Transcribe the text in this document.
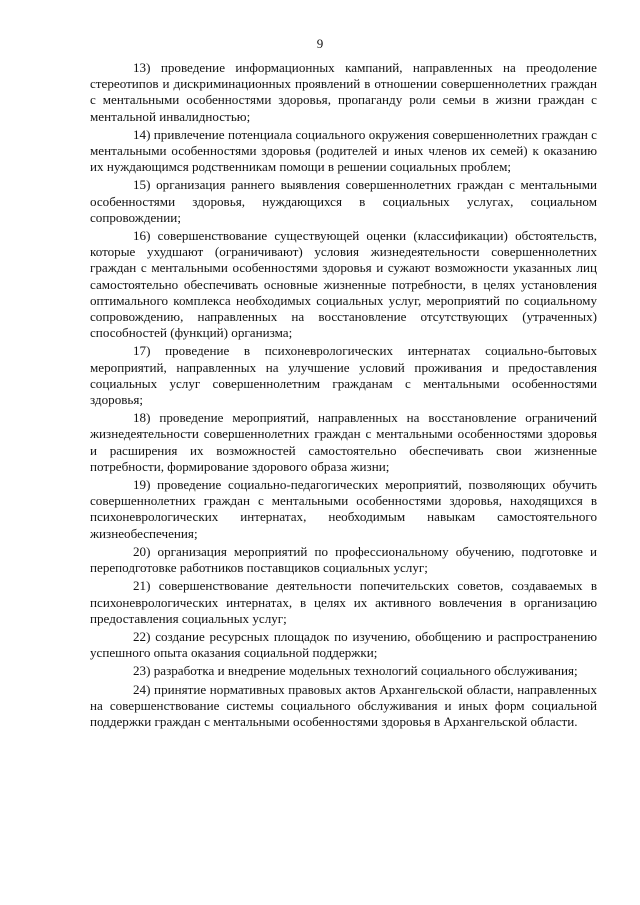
9

13) проведение информационных кампаний, направленных на преодоление стереотипов и дискриминационных проявлений в отношении совершеннолетних граждан с ментальными особенностями здоровья, пропаганду роли семьи в жизни граждан с ментальной инвалидностью;

14) привлечение потенциала социального окружения совершеннолетних граждан с ментальными особенностями здоровья (родителей и иных членов их семей) к оказанию их нуждающимся родственникам помощи в решении социальных проблем;

15) организация раннего выявления совершеннолетних граждан с ментальными особенностями здоровья, нуждающихся в социальных услугах, социальном сопровождении;

16) совершенствование существующей оценки (классификации) обстоятельств, которые ухудшают (ограничивают) условия жизнедеятельности совершеннолетних граждан с ментальными особенностями здоровья и сужают возможности указанных лиц самостоятельно обеспечивать основные жизненные потребности, в целях установления оптимального комплекса необходимых социальных услуг, мероприятий по социальному сопровождению, направленных на восстановление отсутствующих (утраченных) способностей (функций) организма;

17) проведение в психоневрологических интернатах социально-бытовых мероприятий, направленных на улучшение условий проживания и предоставления социальных услуг совершеннолетним гражданам с ментальными особенностями здоровья;

18) проведение мероприятий, направленных на восстановление ограничений жизнедеятельности совершеннолетних граждан с ментальными особенностями здоровья и расширения их возможностей самостоятельно обеспечивать свои жизненные потребности, формирование здорового образа жизни;

19) проведение социально-педагогических мероприятий, позволяющих обучить совершеннолетних граждан с ментальными особенностями здоровья, находящихся в психоневрологических интернатах, необходимым навыкам самостоятельного жизнеобеспечения;

20) организация мероприятий по профессиональному обучению, подготовке и переподготовке работников поставщиков социальных услуг;

21) совершенствование деятельности попечительских советов, создаваемых в психоневрологических интернатах, в целях их активного вовлечения в организацию предоставления социальных услуг;

22) создание ресурсных площадок по изучению, обобщению и распространению успешного опыта оказания социальной поддержки;

23) разработка и внедрение модельных технологий социального обслуживания;

24) принятие нормативных правовых актов Архангельской области, направленных на совершенствование системы социального обслуживания и иных форм социальной поддержки граждан с ментальными особенностями здоровья в Архангельской области.
